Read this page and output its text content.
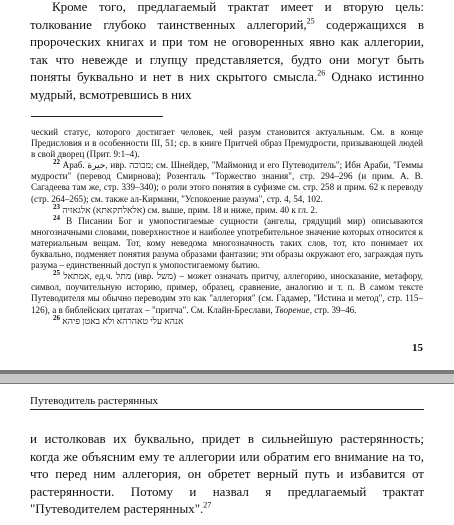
Кроме того, предлагаемый трактат имеет и вторую цель: толкование глубоко таинственных аллегорий,$^{25}$ содержащихся в пророческих книгах и при том не оговоренных явно как аллегории, так что невежде и глупцу представляется, будто они могут быть поняты буквально и нет в них скрытого смысла.$^{26}$ Однако истинно мудрый, всмотревшись в них

ческий статус, которого достигает человек, чей разум становится актуальным. См. в конце Предисловия и в особенности III, 51; ср. в книге Притчей образ Премудрости, призывающей людей в свой дворец (Прит. 9:1–4).

$^{22}$ Араб. ‏حيرة‎, ивр. ‏מבוכה‎; см. Шнейдер, "Маймонид и его Путеводитель"; Ибн Араби, "Геммы мудрости" (перевод Смирнова); Розенталь "Торжество знания", стр. 294–296 (и прим. А. В. Сагадеева там же, стр. 339–340); о роли этого понятия в суфизме см. стр. 258 и прим. 62 к переводу (стр. 264–265); см. также ал-Кирмани, "Успокоение разума", стр. 4, 54, 102.

$^{23}$ ‏אלגאזיה‎ (‏אלאלתקאתא‎) см. выше, прим. 18 и ниже, прим. 40 к гл. 2.

$^{24}$ В Писании Бог и умопостигаемые сущности (ангелы, грядущий мир) описываются многозначными словами, поверхностное и наиболее употребительное значение которых относится к материальным вещам. Тот, кому неведома многозначность таких слов, тот, кто понимает их буквально, подменяет понятия разума образами фантазии; эти образы окружают его, заграждая путь разума – единственный доступ к умопостигаемому бытию.

$^{25}$ ‏אמתאל‎, ед.ч. ‏מתל‎ (ивр. ‏משל‎) – может означать притчу, аллегорию, иносказание, метафору, символ, поучительную историю, пример, образец, сравнение, аналогию и т. п. В самом тексте Путеводителя мы обычно переводим это как "аллегория" (см. Гадамер, "Истина и метод", стр. 115–126), а в библейских цитатах – "притча". См. Клайн-Бреслави, Творение, стр. 39–46.

$^{26}$	‏אנהא עלי טאהרהא ולא באטן פיהא‎

15
Путеводитель растерянных

и истолковав их буквально, придет в сильнейшую растерянность; когда же объясним ему те аллегории или обратим его внимание на то, что перед ним аллегория, он обретет верный путь и избавится от растерянности. Потому и назвал я предлагаемый трактат "Путеводителем растерянных".$^{27}$
